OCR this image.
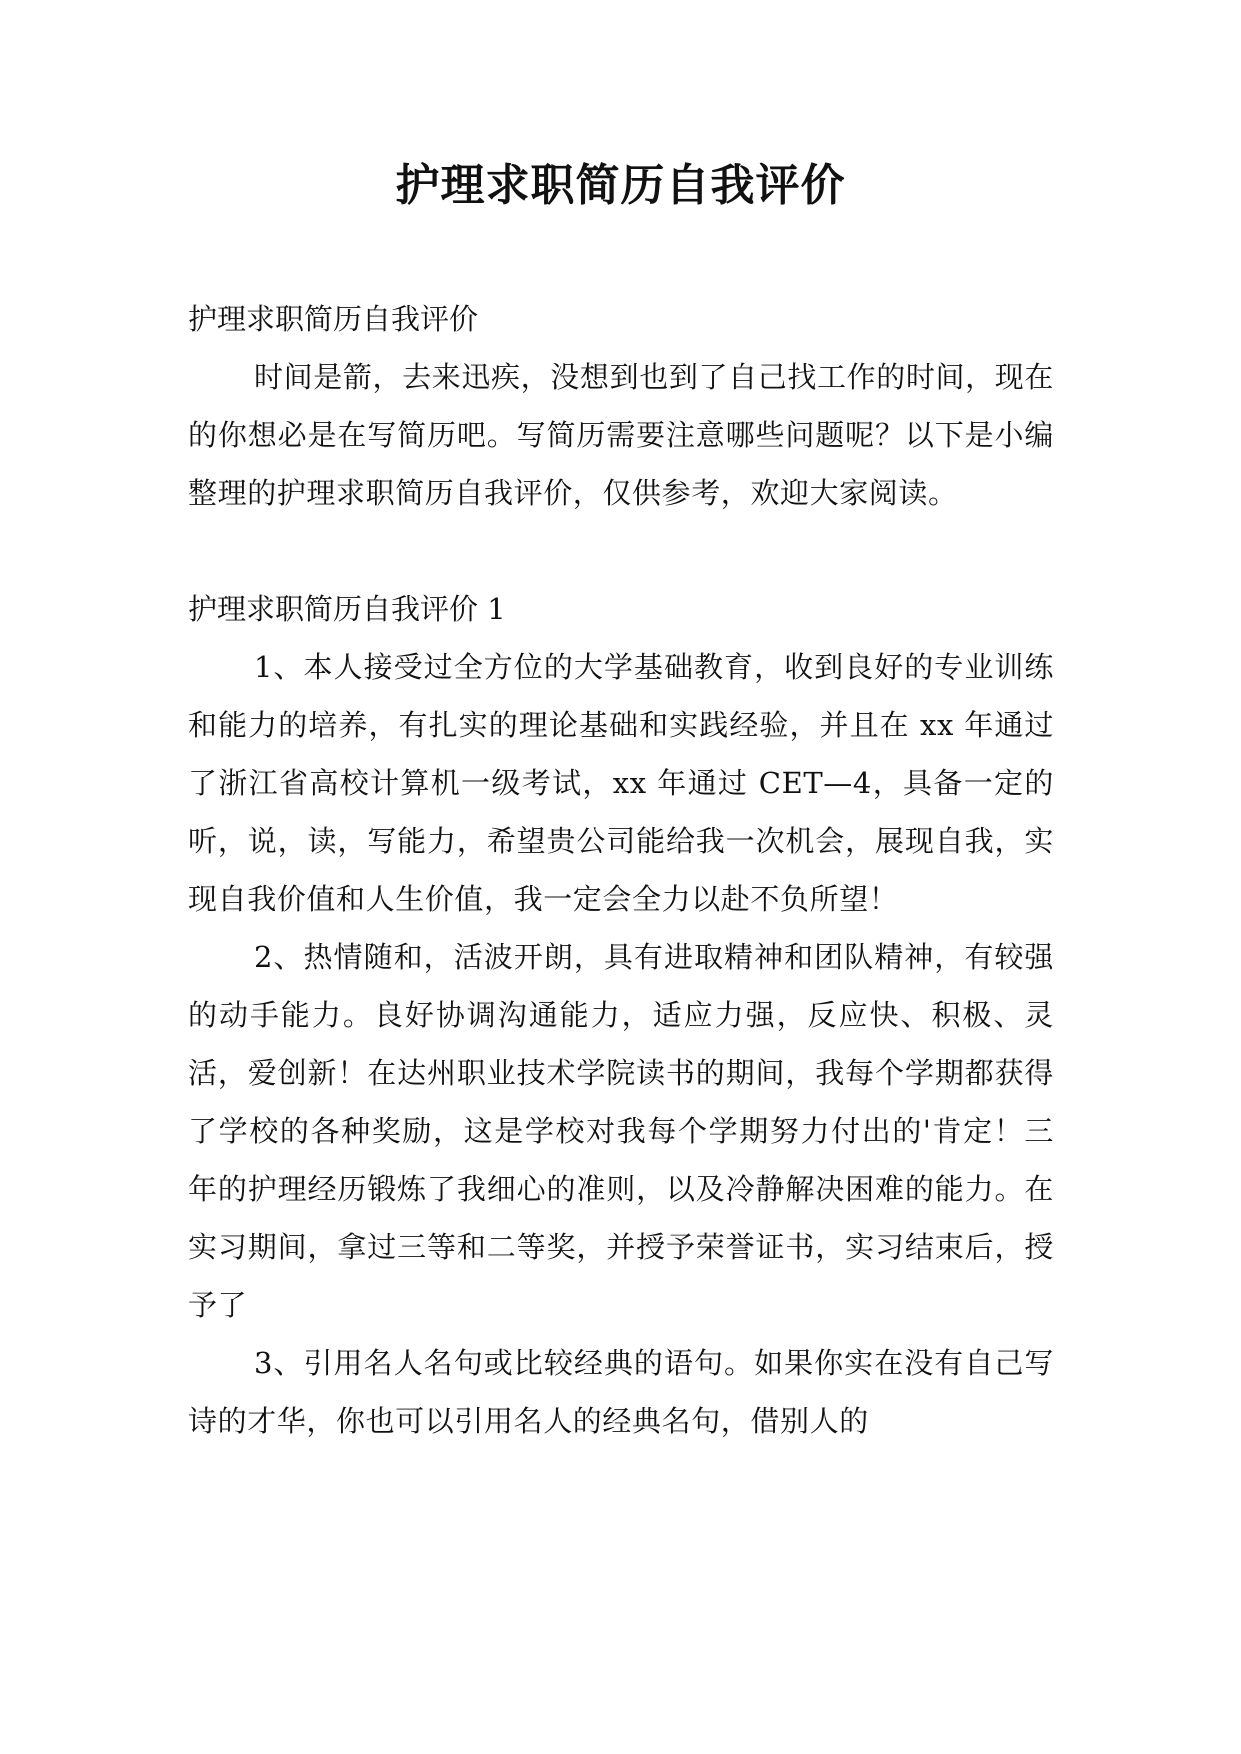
护理求职简历自我评价

护理求职简历自我评价

时间是箭，去来迅疾，没想到也到了自己找工作的时间，现在的你想必是在写简历吧。写简历需要注意哪些问题呢？以下是小编整理的护理求职简历自我评价，仅供参考，欢迎大家阅读。

护理求职简历自我评价 1

1、本人接受过全方位的大学基础教育，收到良好的专业训练和能力的培养，有扎实的理论基础和实践经验，并且在 xx 年通过了浙江省高校计算机一级考试，xx 年通过 CET—4，具备一定的听，说，读，写能力，希望贵公司能给我一次机会，展现自我，实现自我价值和人生价值，我一定会全力以赴不负所望！

2、热情随和，活波开朗，具有进取精神和团队精神，有较强的动手能力。良好协调沟通能力，适应力强，反应快、积极、灵活，爱创新！在达州职业技术学院读书的期间，我每个学期都获得了学校的各种奖励，这是学校对我每个学期努力付出的'肯定！三年的护理经历锻炼了我细心的准则，以及冷静解决困难的能力。在实习期间，拿过三等和二等奖，并授予荣誉证书，实习结束后，授予了

3、引用名人名句或比较经典的语句。如果你实在没有自己写诗的才华，你也可以引用名人的经典名句，借别人的
